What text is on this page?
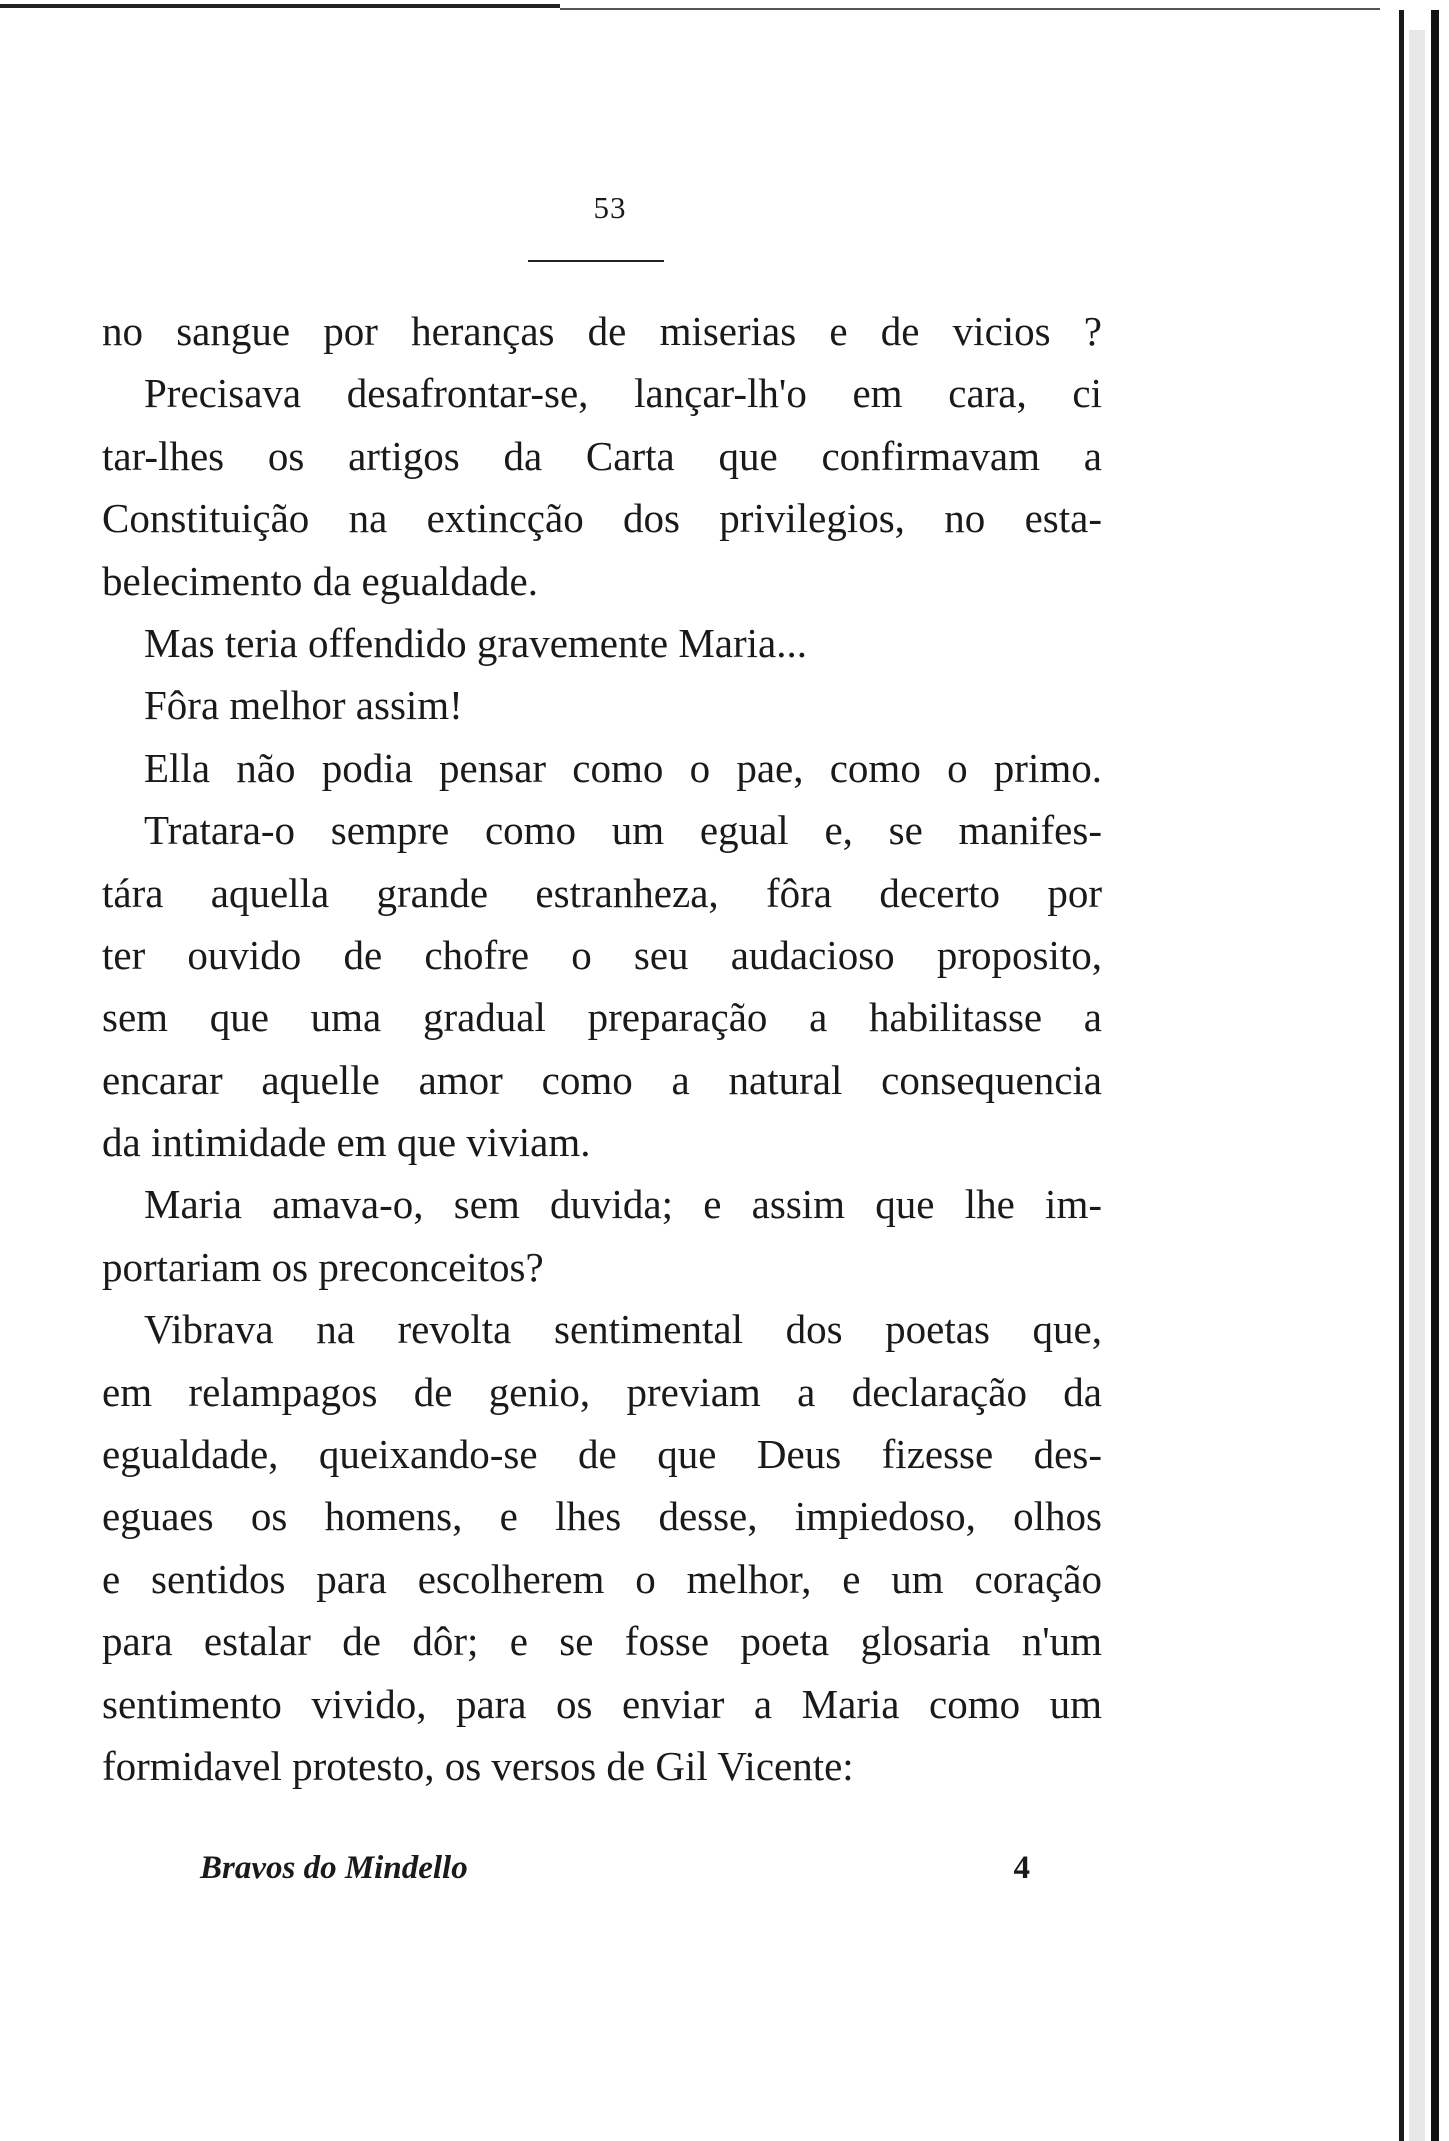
53
no sangue por heranças de miserias e de vicios ?
Precisava desafrontar-se, lançar-lh'o em cara, ci
tar-lhes os artigos da Carta que confirmavam a
Constituição na extincção dos privilegios, no esta-
belecimento da egualdade.
Mas teria offendido gravemente Maria...
Fôra melhor assim!
Ella não podia pensar como o pae, como o primo.
Tratara-o sempre como um egual e, se manifes-
tára aquella grande estranheza, fôra decerto por
ter ouvido de chofre o seu audacioso proposito,
sem que uma gradual preparação a habilitasse a
encarar aquelle amor como a natural consequencia
da intimidade em que viviam.
Maria amava-o, sem duvida; e assim que lhe im-
portariam os preconceitos?
Vibrava na revolta sentimental dos poetas que,
em relampagos de genio, previam a declaração da
egualdade, queixando-se de que Deus fizesse des-
eguaes os homens, e lhes desse, impiedoso, olhos
e sentidos para escolherem o melhor, e um coração
para estalar de dôr; e se fosse poeta glosaria n'um
sentimento vivido, para os enviar a Maria como um
formidavel protesto, os versos de Gil Vicente:
Bravos do Mindello	4
